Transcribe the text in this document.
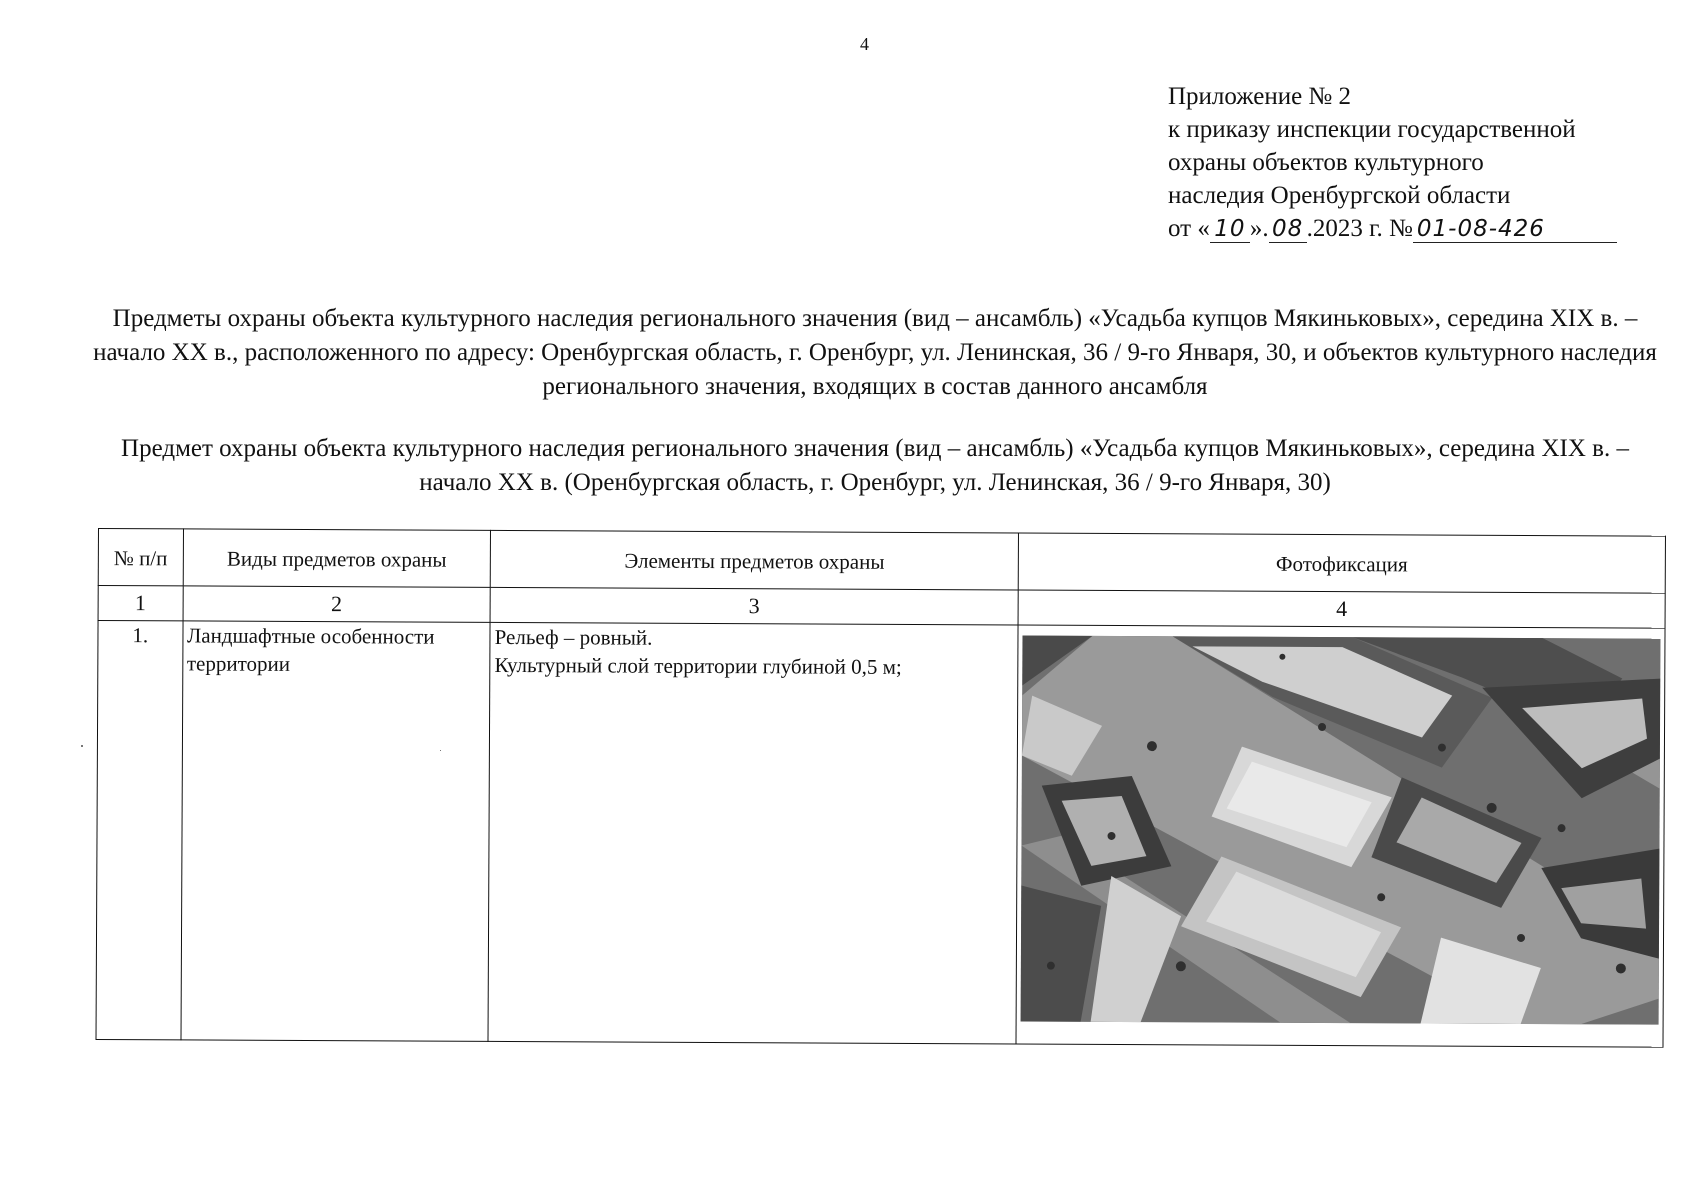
4
Приложение № 2
к приказу инспекции государственной
охраны объектов культурного
наследия Оренбургской области
от « 10 ». 08 .2023 г. № 01-08-426
Предметы охраны объекта культурного наследия регионального значения (вид – ансамбль) «Усадьба купцов Мякиньковых», середина XIX в. – начало XX в., расположенного по адресу: Оренбургская область, г. Оренбург, ул. Ленинская, 36 / 9-го Января, 30, и объектов культурного наследия регионального значения, входящих в состав данного ансамбля
Предмет охраны объекта культурного наследия регионального значения (вид – ансамбль) «Усадьба купцов Мякиньковых», середина XIX в. – начало XX в. (Оренбургская область, г. Оренбург, ул. Ленинская, 36 / 9-го Января, 30)
№ п/п	Виды предметов охраны	Элементы предметов охраны	Фотофиксация
1	2	3	4
1.	Ландшафтные особенности территории	Рельеф – ровный.
Культурный слой территории глубиной 0,5 м;
